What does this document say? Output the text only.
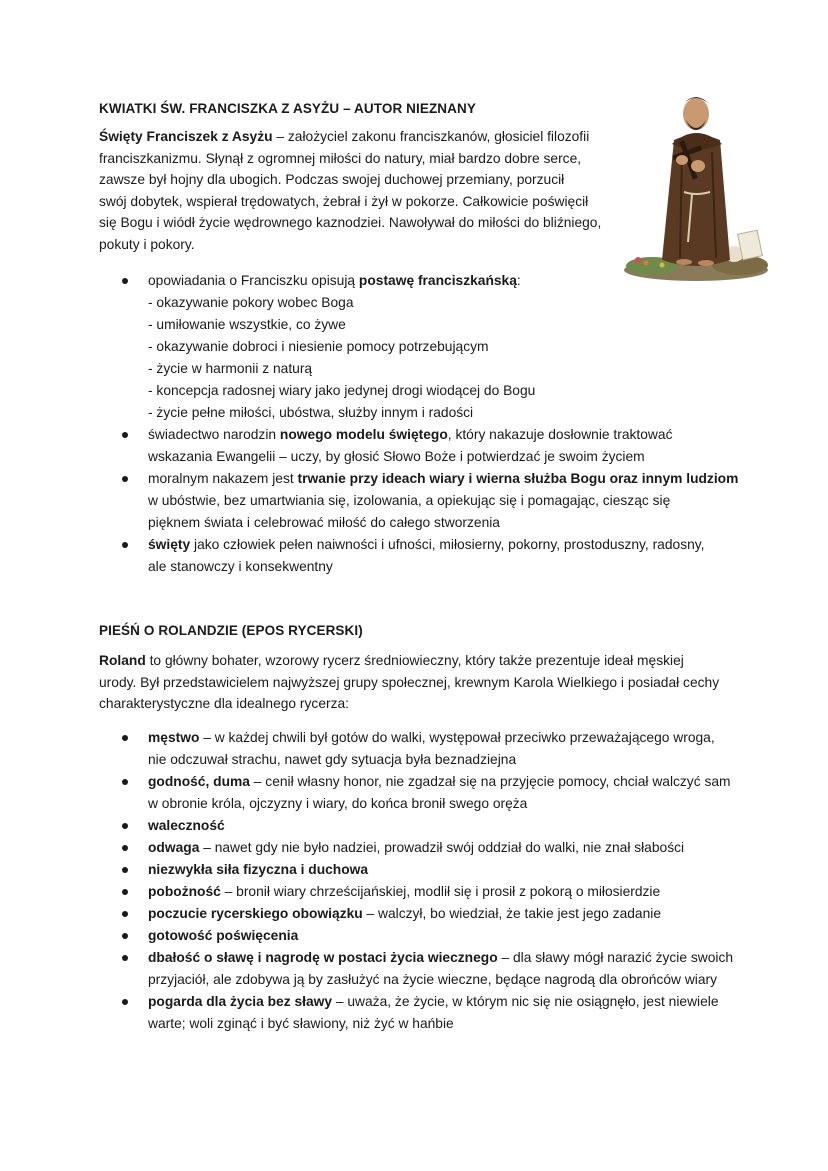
KWIATKI ŚW. FRANCISZKA Z ASYŻU – AUTOR NIEZNANY
Święty Franciszek z Asyżu – założyciel zakonu franciszkanów, głosiciel filozofii
franciszkanizmu. Słynął z ogromnej miłości do natury, miał bardzo dobre serce,
zawsze był hojny dla ubogich. Podczas swojej duchowej przemiany, porzucił
swój dobytek, wspierał trędowatych, żebrał i żył w pokorze. Całkowicie poświęcił
się Bogu i wiódł życie wędrownego kaznodziei. Nawoływał do miłości do bliźniego,
pokuty i pokory.
opowiadania o Franciszku opisują postawę franciszkańską:
- okazywanie pokory wobec Boga
- umiłowanie wszystkie, co żywe
- okazywanie dobroci i niesienie pomocy potrzebującym
- życie w harmonii z naturą
- koncepcja radosnej wiary jako jedynej drogi wiodącej do Bogu
- życie pełne miłości, ubóstwa, służby innym i radości
świadectwo narodzin nowego modelu świętego, który nakazuje dosłownie traktować
wskazania Ewangelii – uczy, by głosić Słowo Boże i potwierdzać je swoim życiem
moralnym nakazem jest trwanie przy ideach wiary i wierna służba Bogu oraz innym ludziom
w ubóstwie, bez umartwiania się, izolowania, a opiekując się i pomagając, ciesząc się
pięknem świata i celebrować miłość do całego stworzenia
święty jako człowiek pełen naiwności i ufności, miłosierny, pokorny, prostoduszny, radosny,
ale stanowczy i konsekwentny
PIEŚŃ O ROLANDZIE (EPOS RYCERSKI)
Roland to główny bohater, wzorowy rycerz średniowieczny, który także prezentuje ideał męskiej
urody. Był przedstawicielem najwyższej grupy społecznej, krewnym Karola Wielkiego i posiadał cechy
charakterystyczne dla idealnego rycerza:
męstwo – w każdej chwili był gotów do walki, występował przeciwko przeważającego wroga,
nie odczuwał strachu, nawet gdy sytuacja była beznadziejna
godność, duma – cenił własny honor, nie zgadzał się na przyjęcie pomocy, chciał walczyć sam
w obronie króla, ojczyzny i wiary, do końca bronił swego oręża
waleczność
odwaga – nawet gdy nie było nadziei, prowadził swój oddział do walki, nie znał słabości
niezwykła siła fizyczna i duchowa
pobożność – bronił wiary chrześcijańskiej, modlił się i prosił z pokorą o miłosierdzie
poczucie rycerskiego obowiązku – walczył, bo wiedział, że takie jest jego zadanie
gotowość poświęcenia
dbałość o sławę i nagrodę w postaci życia wiecznego – dla sławy mógł narazić życie swoich
przyjaciół, ale zdobywa ją by zasłużyć na życie wieczne, będące nagrodą dla obrońców wiary
pogarda dla życia bez sławy – uważa, że życie, w którym nic się nie osiągnęło, jest niewiele
warte; woli zginąć i być sławiony, niż żyć w hańbie
